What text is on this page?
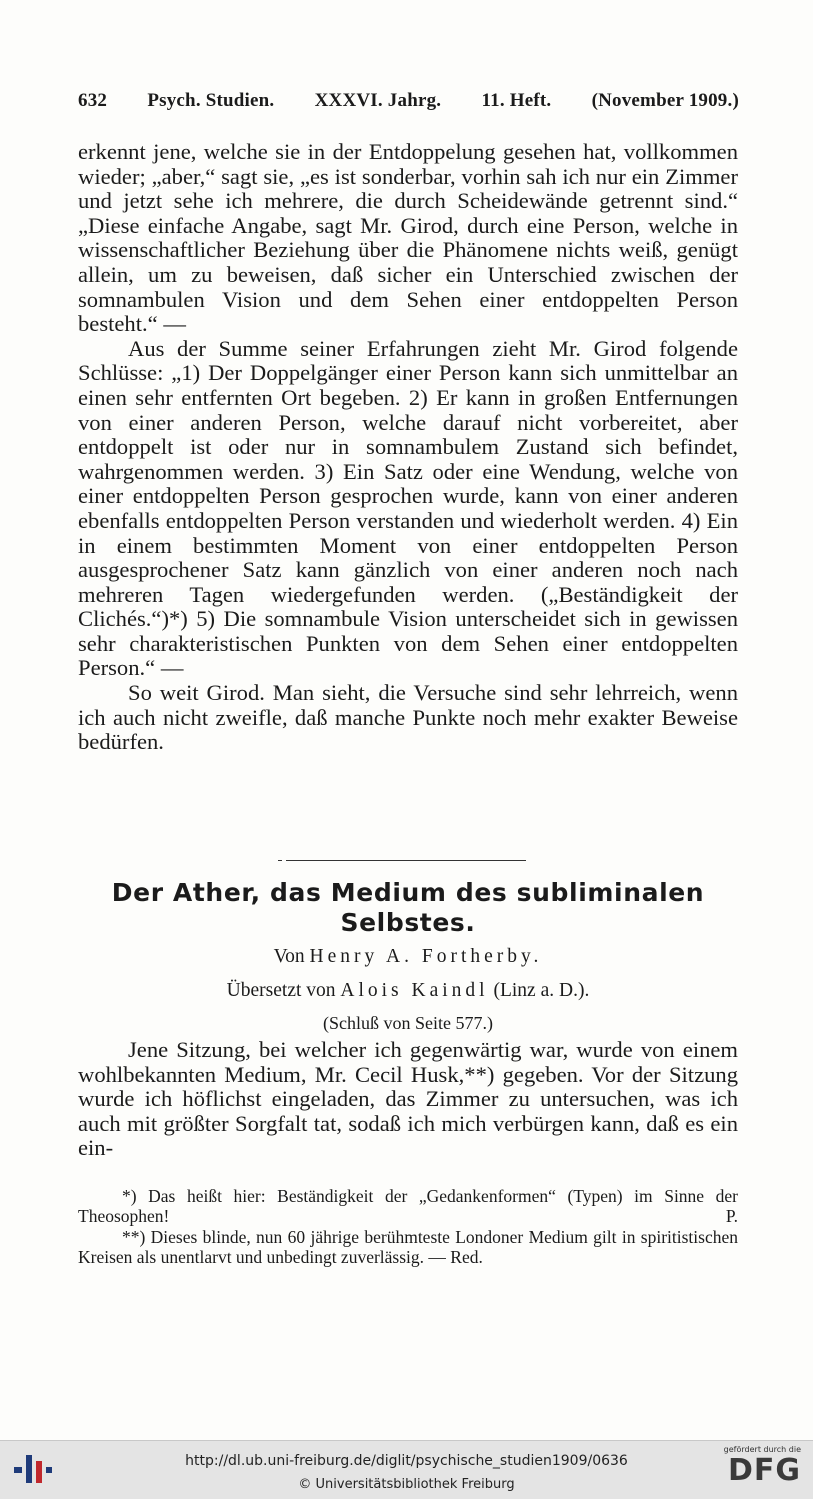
632 Psych. Studien. XXXVI. Jahrg. 11. Heft. (November 1909.)

erkennt jene, welche sie in der Entdoppelung gesehen hat, vollkommen wieder; „aber,“ sagt sie, „es ist sonderbar, vorhin sah ich nur ein Zimmer und jetzt sehe ich mehrere, die durch Scheidewände getrennt sind.“ „Diese einfache Angabe, sagt Mr. Girod, durch eine Person, welche in wissenschaftlicher Beziehung über die Phänomene nichts weiß, genügt allein, um zu beweisen, daß sicher ein Unterschied zwischen der somnambulen Vision und dem Sehen einer entdoppelten Person besteht.“ —

Aus der Summe seiner Erfahrungen zieht Mr. Girod folgende Schlüsse: „1) Der Doppelgänger einer Person kann sich unmittelbar an einen sehr entfernten Ort begeben. 2) Er kann in großen Entfernungen von einer anderen Person, welche darauf nicht vorbereitet, aber entdoppelt ist oder nur in somnambulem Zustand sich befindet, wahrgenommen werden. 3) Ein Satz oder eine Wendung, welche von einer entdoppelten Person gesprochen wurde, kann von einer anderen ebenfalls entdoppelten Person verstanden und wiederholt werden. 4) Ein in einem bestimmten Moment von einer entdoppelten Person ausgesprochener Satz kann gänzlich von einer anderen noch nach mehreren Tagen wiedergefunden werden. („Beständigkeit der Clichés.“)*) 5) Die somnambule Vision unterscheidet sich in gewissen sehr charakteristischen Punkten von dem Sehen einer entdoppelten Person.“ —

So weit Girod. Man sieht, die Versuche sind sehr lehrreich, wenn ich auch nicht zweifle, daß manche Punkte noch mehr exakter Beweise bedürfen.

Der Ather, das Medium des subliminalen
Selbstes.
Von Henry A. Fortherby.
Übersetzt von Alois Kaindl (Linz a. D.).
(Schluß von Seite 577.)

Jene Sitzung, bei welcher ich gegenwärtig war, wurde von einem wohlbekannten Medium, Mr. Cecil Husk,**) gegeben. Vor der Sitzung wurde ich höflichst eingeladen, das Zimmer zu untersuchen, was ich auch mit größter Sorgfalt tat, sodaß ich mich verbürgen kann, daß es ein ein-

*) Das heißt hier: Beständigkeit der „Gedankenformen“ (Typen) im Sinne der Theosophen!	P.

**) Dieses blinde, nun 60 jährige berühmteste Londoner Medium gilt in spiritistischen Kreisen als unentlarvt und unbedingt zuverlässig. — Red.

http://dl.ub.uni-freiburg.de/diglit/psychische_studien1909/0636
© Universitätsbibliothek Freiburg
gefördert durch die
DFG
